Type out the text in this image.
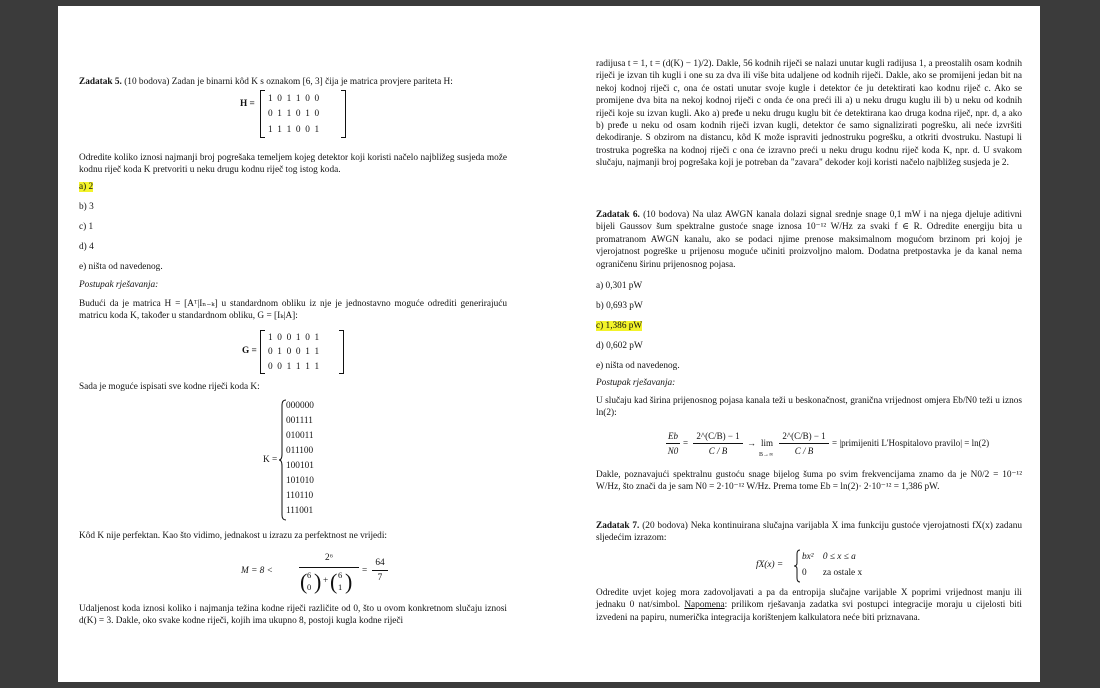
Zadatak 5. (10 bodova) Zadan je binarni kôd K s oznakom [6, 3] čija je matrica provjere pariteta H:

H = 1  0  1  1  0  0
0  1  1  0  1  0
1  1  1  0  0  1

Odredite koliko iznosi najmanji broj pogrešaka temeljem kojeg detektor koji koristi načelo najbližeg susjeda može kodnu riječ koda K pretvoriti u neku drugu kodnu riječ tog istog koda.

a) 2
b) 3
c) 1
d) 4
e) ništa od navedenog.

Postupak rješavanja:

Budući da je matrica H = [Aᵀ|Iₙ₋ₖ] u standardnom obliku iz nje je jednostavno moguće odrediti generirajuću matricu koda K, također u standardnom obliku, G = [Iₖ|A]:

G =
1  0  0  1  0  1
0  1  0  0  1  1
0  0  1  1  1  1

Sada je moguće ispisati sve kodne riječi koda K:

K =
000000
001111
010011
011100
100101
101010
110110
111001

Kôd K nije perfektan. Kao što vidimo, jednakost u izrazu za perfektnost ne vrijedi:

M = 8 <
2⁶
( 6
0 ) + ( 6
1 ) =
64
7

Udaljenost koda iznosi koliko i najmanja težina kodne riječi različite od 0, što u ovom konkretnom slučaju iznosi d(K) = 3. Dakle, oko svake kodne riječi, kojih ima ukupno 8, postoji kugla kodne riječi

radijusa t = 1, t = (d(K) − 1)/2). Dakle, 56 kodnih riječi se nalazi unutar kugli radijusa 1, a preostalih osam kodnih riječi je izvan tih kugli i one su za dva ili više bita udaljene od kodnih riječi. Dakle, ako se promijeni jedan bit na nekoj kodnoj riječi c, ona će ostati unutar svoje kugle i detektor će ju detektirati kao kodnu riječ c. Ako se promijene dva bita na nekoj kodnoj riječi c onda će ona preći ili a) u neku drugu kuglu ili b) u neku od kodnih riječi koje su izvan kugli. Ako a) pređe u neku drugu kuglu bit će detektirana kao druga kodna riječ, npr. d, a ako b) pređe u neku od osam kodnih riječi izvan kugli, detektor će samo signalizirati pogrešku, ali neće izvršiti dekodiranje. S obzirom na distancu, kôd K može ispraviti jednostruku pogrešku, a otkriti dvostruku. Nastupi li trostruka pogreška na kodnoj riječi c ona će izravno preći u neku drugu kodnu riječ koda K, npr. d. U svakom slučaju, najmanji broj pogrešaka koji je potreban da "zavara" dekoder koji koristi načelo najbližeg susjeda je 2.

Zadatak 6. (10 bodova) Na ulaz AWGN kanala dolazi signal srednje snage 0,1 mW i na njega djeluje aditivni bijeli Gaussov šum spektralne gustoće snage iznosa 10⁻¹² W/Hz za svaki f ∈ R. Odredite energiju bita u promatranom AWGN kanalu, ako se podaci njime prenose maksimalnom mogućom brzinom pri kojoj je vjerojatnost pogreške u prijenosu moguće učiniti proizvoljno malom. Dodatna pretpostavka je da kanal nema ograničenu širinu prijenosnog pojasa.

a) 0,301 pW
b) 0,693 pW
c) 1,386 pW
d) 0,602 pW
e) ništa od navedenog.

Postupak rješavanja:

U slučaju kad širina prijenosnog pojasa kanala teži u beskonačnost, granična vrijednost omjera Eb/N0 teži u iznos ln(2):

Eb
N0
=
2^(C/B) − 1
C / B
→ lim
B→∞
2^(C/B) − 1
C / B
= |primijeniti L'Hospitalovo pravilo| = ln(2)

Dakle, poznavajući spektralnu gustoću snage bijelog šuma po svim frekvencijama znamo da je N0/2 = 10⁻¹² W/Hz, što znači da je sam N0 = 2·10⁻¹² W/Hz. Prema tome Eb = ln(2)· 2·10⁻¹² = 1,386 pW.

Zadatak 7. (20 bodova) Neka kontinuirana slučajna varijabla X ima funkciju gustoće vjerojatnosti fX(x) zadanu sljedećim izrazom:

fX(x) =
bx²    0 ≤ x ≤ a
0       za ostale x

Odredite uvjet kojeg mora zadovoljavati a pa da entropija slučajne varijable X poprimi vrijednost manju ili jednaku 0 nat/simbol. Napomena: prilikom rješavanja zadatka svi postupci integracije moraju u cijelosti biti izvedeni na papiru, numerička integracija korištenjem kalkulatora neće biti priznavana.
